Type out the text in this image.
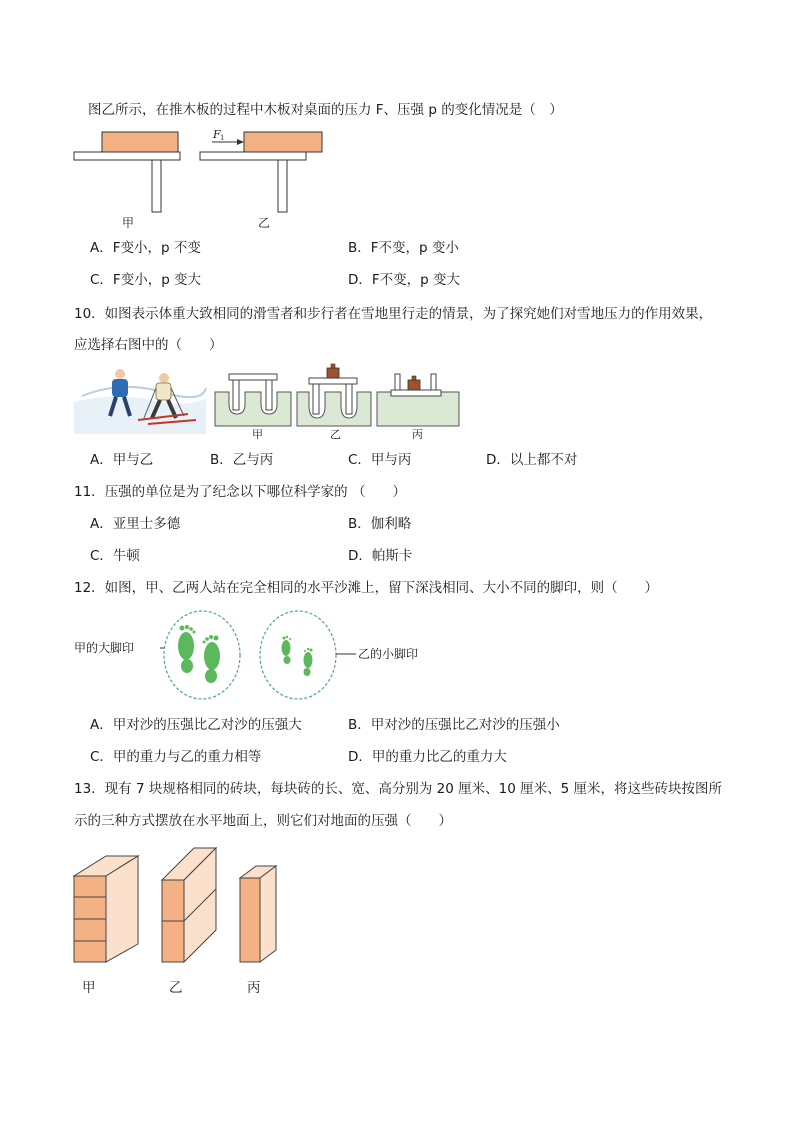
图乙所示，在推木板的过程中木板对桌面的压力 F、压强 p 的变化情况是（　）
F 1
甲	乙
A．F变小，p 不变	B．F不变，p 变小
C．F变小，p 变大	D．F不变，p 变大
10．如图表示体重大致相同的滑雪者和步行者在雪地里行走的情景，为了探究她们对雪地压力的作用效果，
应选择右图中的（　　）
甲	乙	丙
A．甲与乙	B．乙与丙	C．甲与丙	D．以上都不对
11．压强的单位是为了纪念以下哪位科学家的 （　　）
A．亚里士多德	B．伽利略
C．牛顿	D．帕斯卡
12．如图，甲、乙两人站在完全相同的水平沙滩上，留下深浅相同、大小不同的脚印，则（　　）
甲的大脚印	乙的小脚印
A．甲对沙的压强比乙对沙的压强大	B．甲对沙的压强比乙对沙的压强小
C．甲的重力与乙的重力相等	D．甲的重力比乙的重力大
13．现有 7 块规格相同的砖块，每块砖的长、宽、高分别为 20 厘米、10 厘米、5 厘米，将这些砖块按图所
示的三种方式摆放在水平地面上，则它们对地面的压强（　　）
甲	乙	丙
